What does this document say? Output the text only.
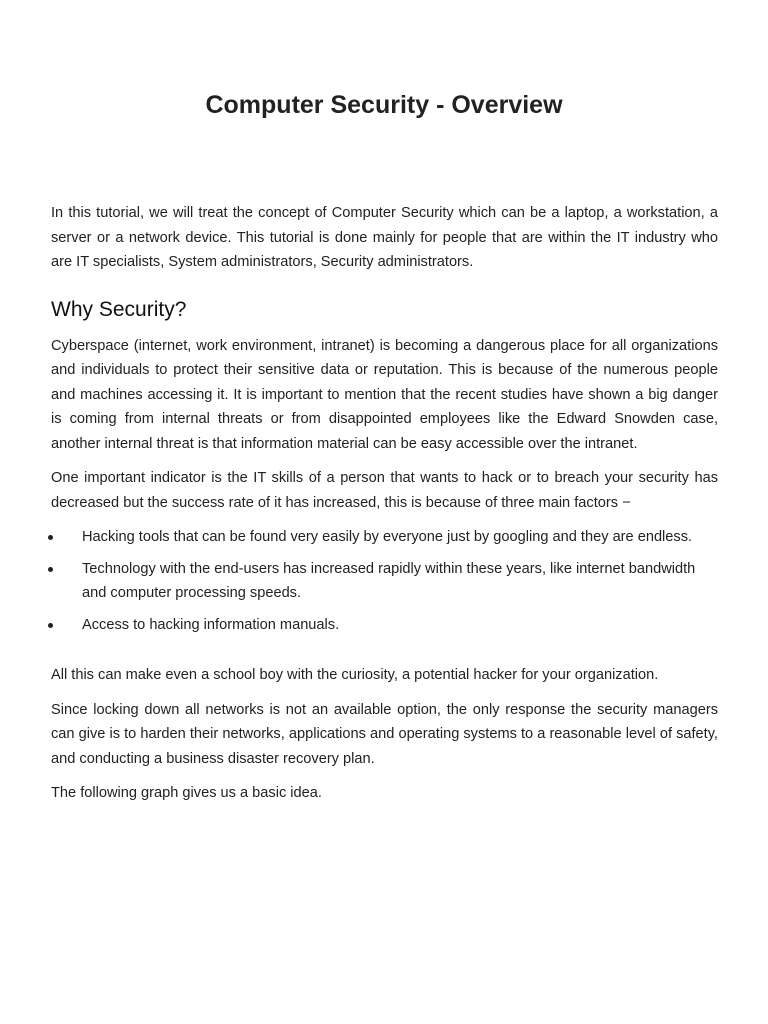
Computer Security - Overview

In this tutorial, we will treat the concept of Computer Security which can be a laptop, a workstation, a server or a network device. This tutorial is done mainly for people that are within the IT industry who are IT specialists, System administrators, Security administrators.

Why Security?

Cyberspace (internet, work environment, intranet) is becoming a dangerous place for all organizations and individuals to protect their sensitive data or reputation. This is because of the numerous people and machines accessing it. It is important to mention that the recent studies have shown a big danger is coming from internal threats or from disappointed employees like the Edward Snowden case, another internal threat is that information material can be easy accessible over the intranet.

One important indicator is the IT skills of a person that wants to hack or to breach your security has decreased but the success rate of it has increased, this is because of three main factors −

Hacking tools that can be found very easily by everyone just by googling and they are endless.
Technology with the end-users has increased rapidly within these years, like internet bandwidth and computer processing speeds.
Access to hacking information manuals.

All this can make even a school boy with the curiosity, a potential hacker for your organization.

Since locking down all networks is not an available option, the only response the security managers can give is to harden their networks, applications and operating systems to a reasonable level of safety, and conducting a business disaster recovery plan.

The following graph gives us a basic idea.
